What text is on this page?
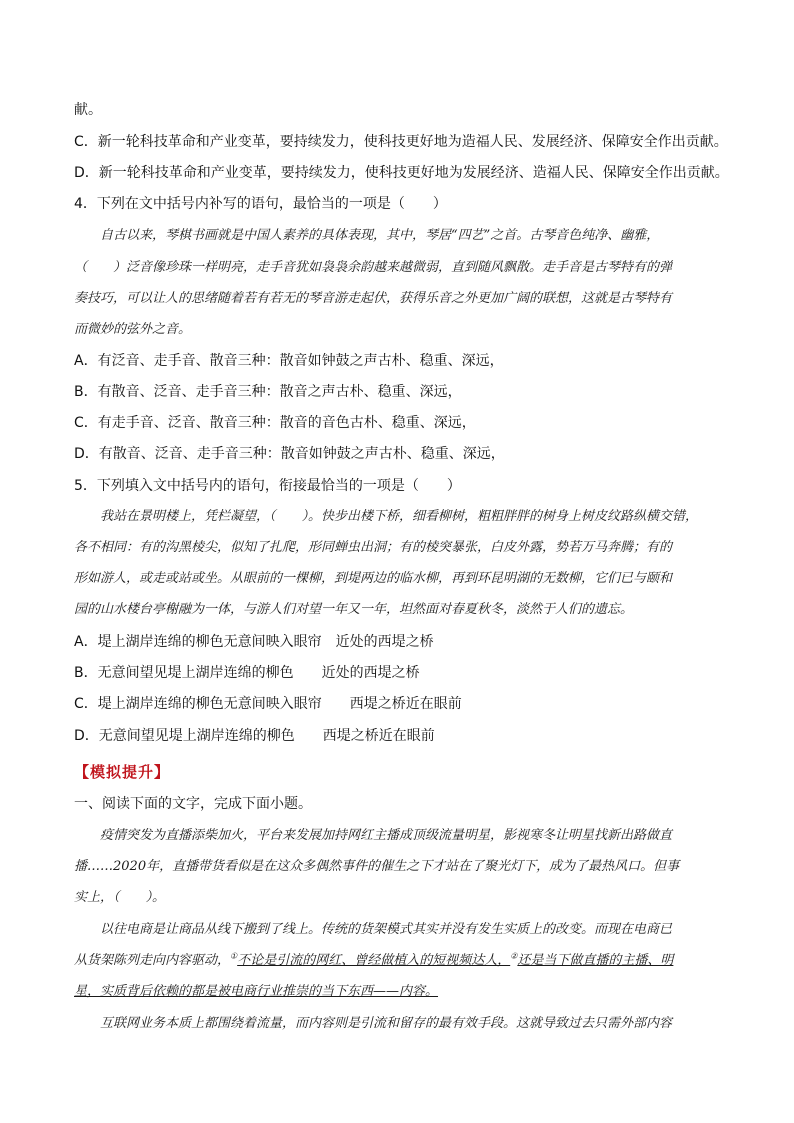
献。
C．新一轮科技革命和产业变革，要持续发力，使科技更好地为造福人民、发展经济、保障安全作出贡献。
D．新一轮科技革命和产业变革，要持续发力，使科技更好地为发展经济、造福人民、保障安全作出贡献。
4．下列在文中括号内补写的语句，最恰当的一项是（　　）
自古以来，琴棋书画就是中国人素养的具体表现，其中，琴居“四艺”之首。古琴音色纯净、幽雅，
（　　）泛音像珍珠一样明亮，走手音犹如袅袅余韵越来越微弱，直到随风飘散。走手音是古琴特有的弹
奏技巧，可以让人的思绪随着若有若无的琴音游走起伏，获得乐音之外更加广阔的联想，这就是古琴特有
而微妙的弦外之音。
A．有泛音、走手音、散音三种：散音如钟鼓之声古朴、稳重、深远，
B．有散音、泛音、走手音三种：散音之声古朴、稳重、深远，
C．有走手音、泛音、散音三种：散音的音色古朴、稳重、深远，
D．有散音、泛音、走手音三种：散音如钟鼓之声古朴、稳重、深远，
5．下列填入文中括号内的语句，衔接最恰当的一项是（　　）
我站在景明楼上，凭栏凝望，（　　）。快步出楼下桥，细看柳树，粗粗胖胖的树身上树皮纹路纵横交错，
各不相同：有的沟黑棱尖，似知了扎爬，形同蝉虫出洞；有的棱突暴张，白皮外露，势若万马奔腾；有的
形如游人，或走或站或坐。从眼前的一棵柳，到堤两边的临水柳，再到环昆明湖的无数柳，它们已与颐和
园的山水楼台亭榭融为一体，与游人们对望一年又一年，坦然面对春夏秋冬，淡然于人们的遗忘。
A．堤上湖岸连绵的柳色无意间映入眼帘 近处的西堤之桥
B．无意间望见堤上湖岸连绵的柳色 近处的西堤之桥
C．堤上湖岸连绵的柳色无意间映入眼帘 西堤之桥近在眼前
D．无意间望见堤上湖岸连绵的柳色 西堤之桥近在眼前
【模拟提升】
一、阅读下面的文字，完成下面小题。
疫情突发为直播添柴加火，平台来发展加持网红主播成顶级流量明星，影视寒冬让明星找新出路做直
播……2020年，直播带货看似是在这众多偶然事件的催生之下才站在了聚光灯下，成为了最热风口。但事
实上，（　　）。
以往电商是让商品从线下搬到了线上。传统的货架模式其实并没有发生实质上的改变。而现在电商已
从货架陈列走向内容驱动，①不论是引流的网红、曾经做植入的短视频达人，②还是当下做直播的主播、明
星，实质背后依赖的都是被电商行业推崇的当下东西——内容。
互联网业务本质上都围绕着流量，而内容则是引流和留存的最有效手段。这就导致过去只需外部内容
